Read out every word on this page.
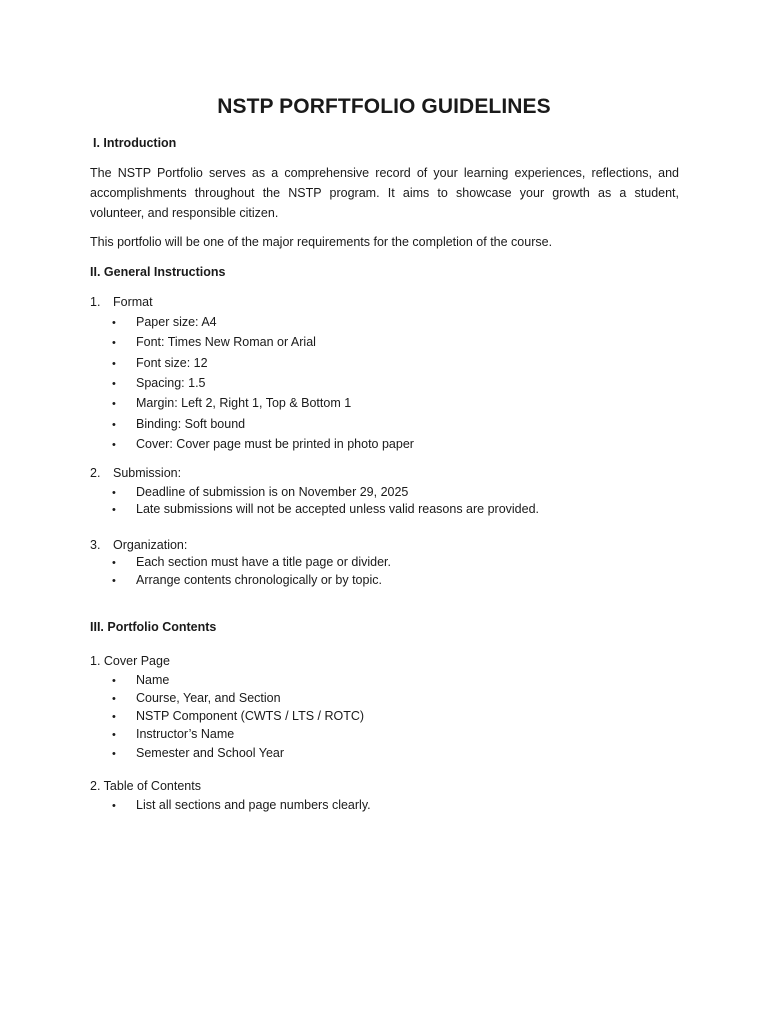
NSTP PORFTFOLIO GUIDELINES
I. Introduction
The NSTP Portfolio serves as a comprehensive record of your learning experiences, reflections, and
accomplishments throughout the NSTP program. It aims to showcase your growth as a student,
volunteer, and responsible citizen.
This portfolio will be one of the major requirements for the completion of the course.
II. General Instructions
1. Format
• Paper size: A4
• Font: Times New Roman or Arial
• Font size: 12
• Spacing: 1.5
• Margin: Left 2, Right 1, Top & Bottom 1
• Binding: Soft bound
• Cover: Cover page must be printed in photo paper
2. Submission:
• Deadline of submission is on November 29, 2025
• Late submissions will not be accepted unless valid reasons are provided.
3. Organization:
• Each section must have a title page or divider.
• Arrange contents chronologically or by topic.
III. Portfolio Contents
1. Cover Page
• Name
• Course, Year, and Section
• NSTP Component (CWTS / LTS / ROTC)
• Instructor’s Name
• Semester and School Year
2. Table of Contents
• List all sections and page numbers clearly.
